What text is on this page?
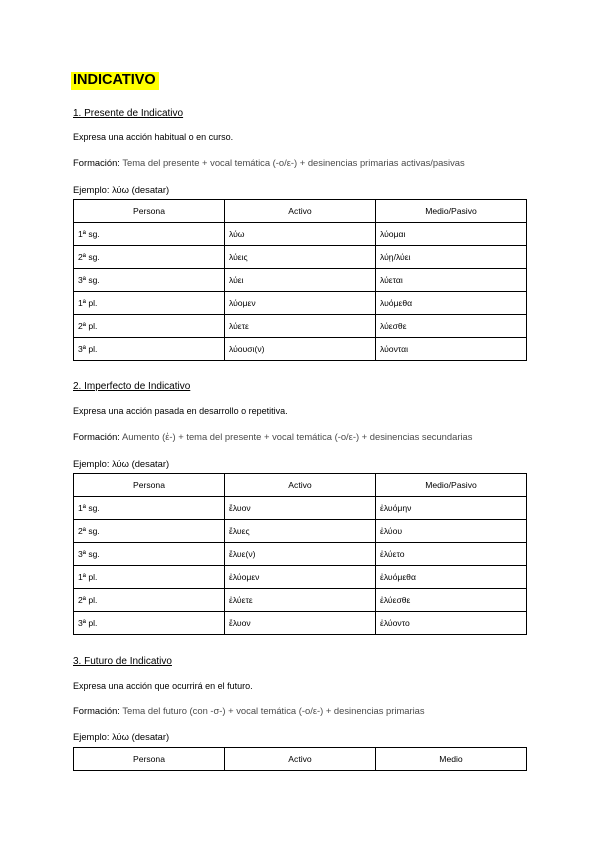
INDICATIVO
1. Presente de Indicativo
Expresa una acción habitual o en curso.
Formación: Tema del presente + vocal temática (-ο/ε-) + desinencias primarias activas/pasivas
Ejemplo: λύω (desatar)
Persona	Activo	Medio/Pasivo
1ª sg.	λύω	λύομαι
2ª sg.	λύεις	λύῃ/λύει
3ª sg.	λύει	λύεται
1ª pl.	λύομεν	λυόμεθα
2ª pl.	λύετε	λύεσθε
3ª pl.	λύουσι(ν)	λύονται
2. Imperfecto de Indicativo
Expresa una acción pasada en desarrollo o repetitiva.
Formación: Aumento (ἐ-) + tema del presente + vocal temática (-ο/ε-) + desinencias secundarias
Ejemplo: λύω (desatar)
Persona	Activo	Medio/Pasivo
1ª sg.	ἔλυον	ἐλυόμην
2ª sg.	ἔλυες	ἐλύου
3ª sg.	ἔλυε(ν)	ἐλύετο
1ª pl.	ἐλύομεν	ἐλυόμεθα
2ª pl.	ἐλύετε	ἐλύεσθε
3ª pl.	ἔλυον	ἐλύοντο
3. Futuro de Indicativo
Expresa una acción que ocurrirá en el futuro.
Formación: Tema del futuro (con -σ-) + vocal temática (-ο/ε-) + desinencias primarias
Ejemplo: λύω (desatar)
Persona	Activo	Medio
